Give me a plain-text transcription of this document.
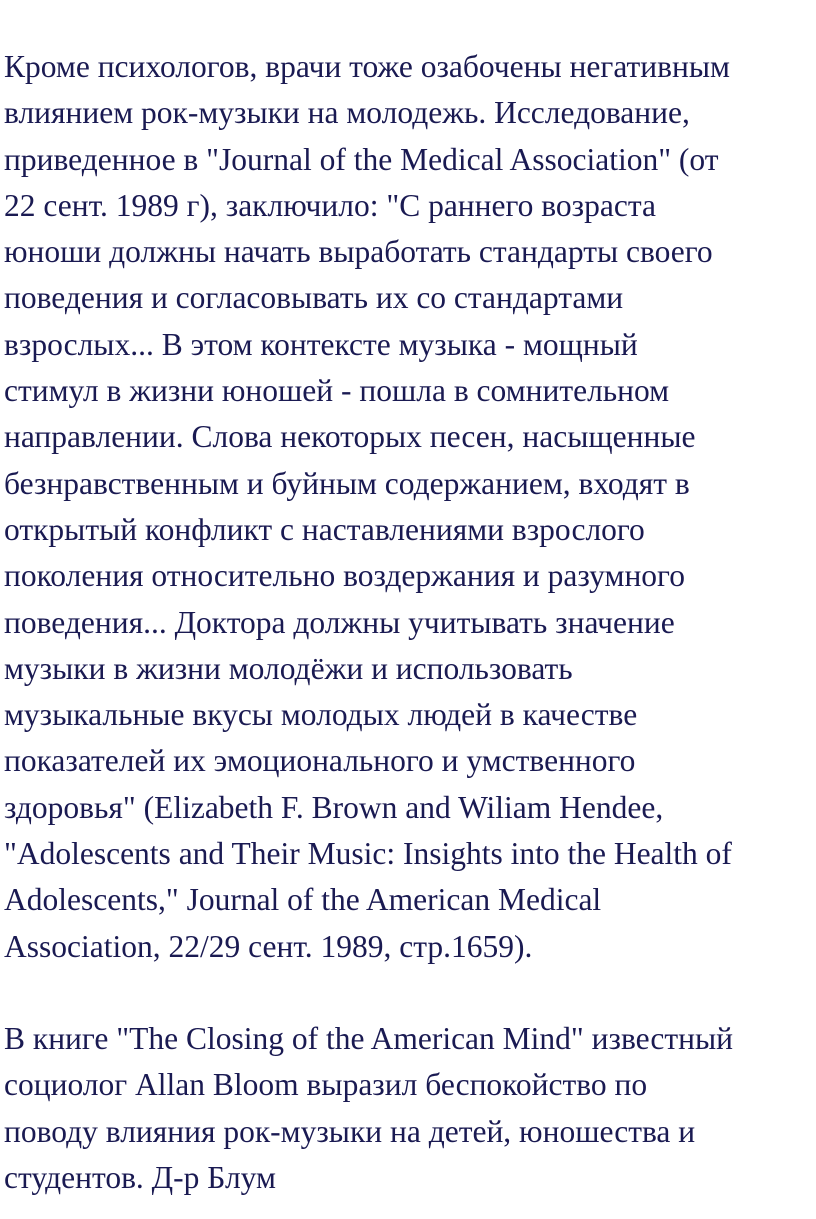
Кроме психологов, врачи тоже озабочены негативным
влиянием рок-музыки на молодежь. Исследование,
приведенное в "Journal of the Medical Association" (от
22 сент. 1989 г), заключило: "С раннего возраста
юноши должны начать выработать стандарты своего
поведения и согласовывать их со стандартами
взрослых... В этом контексте музыка - мощный
стимул в жизни юношей - пошла в сомнительном
направлении. Слова некоторых песен, насыщенные
безнравственным и буйным содержанием, входят в
открытый конфликт с наставлениями взрослого
поколения относительно воздержания и разумного
поведения... Доктора должны учитывать значение
музыки в жизни молодёжи и использовать
музыкальные вкусы молодых людей в качестве
показателей их эмоционального и умственного
здоровья" (Elizabeth F. Brown and Wiliam Hendee,
"Adolescents and Their Music: Insights into the Health of
Adolescents," Journal of the American Medical
Association, 22/29 сент. 1989, стр.1659).

В книге "The Closing of the American Mind" известный
социолог Allan Bloom выразил беспокойство по
поводу влияния рок-музыки на детей, юношества и
студентов. Д-р Блум
